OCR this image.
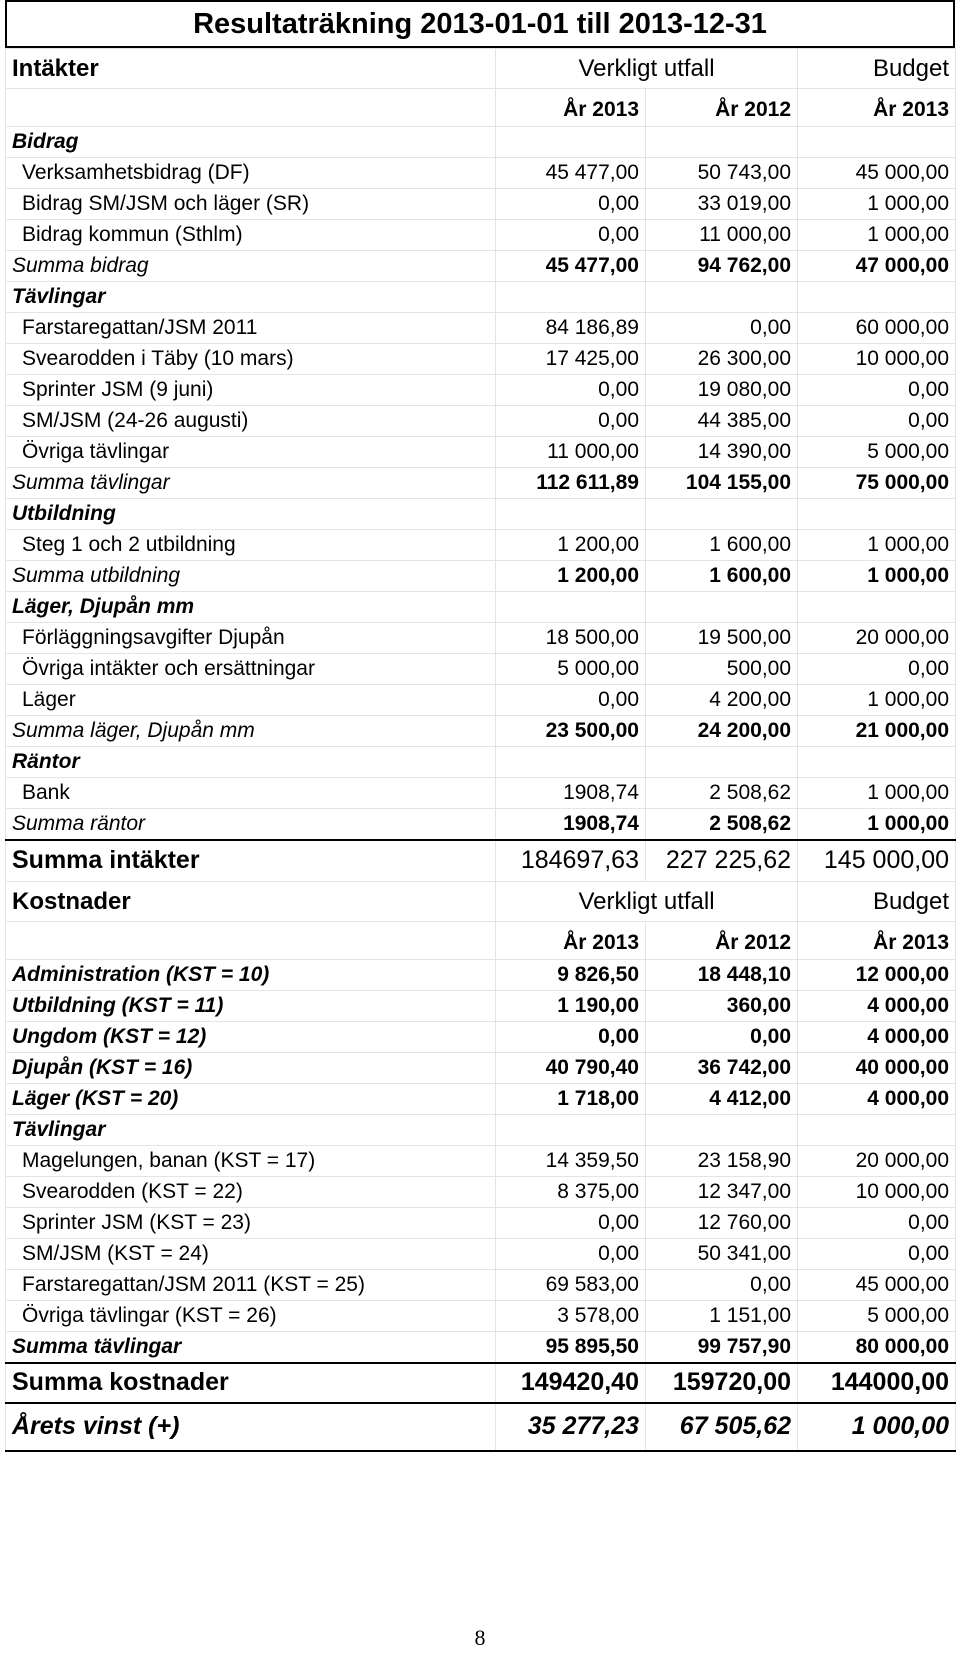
Resultaträkning 2013-01-01 till 2013-12-31
Intäkter	Verkligt utfall		Budget
	År 2013	År 2012	År 2013
Bidrag			
Verksamhetsbidrag (DF)	45 477,00	50 743,00	45 000,00
Bidrag SM/JSM och läger (SR)	0,00	33 019,00	1 000,00
Bidrag kommun (Sthlm)	0,00	11 000,00	1 000,00
Summa bidrag	45 477,00	94 762,00	47 000,00
Tävlingar			
Farstaregattan/JSM 2011	84 186,89	0,00	60 000,00
Svearodden i Täby (10 mars)	17 425,00	26 300,00	10 000,00
Sprinter JSM (9 juni)	0,00	19 080,00	0,00
SM/JSM (24-26 augusti)	0,00	44 385,00	0,00
Övriga tävlingar	11 000,00	14 390,00	5 000,00
Summa tävlingar	112 611,89	104 155,00	75 000,00
Utbildning			
Steg 1 och 2 utbildning	1 200,00	1 600,00	1 000,00
Summa utbildning	1 200,00	1 600,00	1 000,00
Läger, Djupån mm			
Förläggningsavgifter Djupån	18 500,00	19 500,00	20 000,00
Övriga intäkter och ersättningar	5 000,00	500,00	0,00
Läger	0,00	4 200,00	1 000,00
Summa läger, Djupån mm	23 500,00	24 200,00	21 000,00
Räntor			
Bank	1908,74	2 508,62	1 000,00
Summa räntor	1908,74	2 508,62	1 000,00
Summa intäkter	184697,63	227 225,62	145 000,00
Kostnader	Verkligt utfall		Budget
	År 2013	År 2012	År 2013
Administration (KST = 10)	9 826,50	18 448,10	12 000,00
Utbildning (KST = 11)	1 190,00	360,00	4 000,00
Ungdom (KST = 12)	0,00	0,00	4 000,00
Djupån (KST = 16)	40 790,40	36 742,00	40 000,00
Läger (KST = 20)	1 718,00	4 412,00	4 000,00
Tävlingar			
Magelungen, banan (KST = 17)	14 359,50	23 158,90	20 000,00
Svearodden (KST = 22)	8 375,00	12 347,00	10 000,00
Sprinter JSM (KST = 23)	0,00	12 760,00	0,00
SM/JSM (KST = 24)	0,00	50 341,00	0,00
Farstaregattan/JSM 2011 (KST = 25)	69 583,00	0,00	45 000,00
Övriga tävlingar (KST = 26)	3 578,00	1 151,00	5 000,00
Summa tävlingar	95 895,50	99 757,90	80 000,00
Summa kostnader	149420,40	159720,00	144000,00
Årets vinst (+)	35 277,23	67 505,62	1 000,00
8
